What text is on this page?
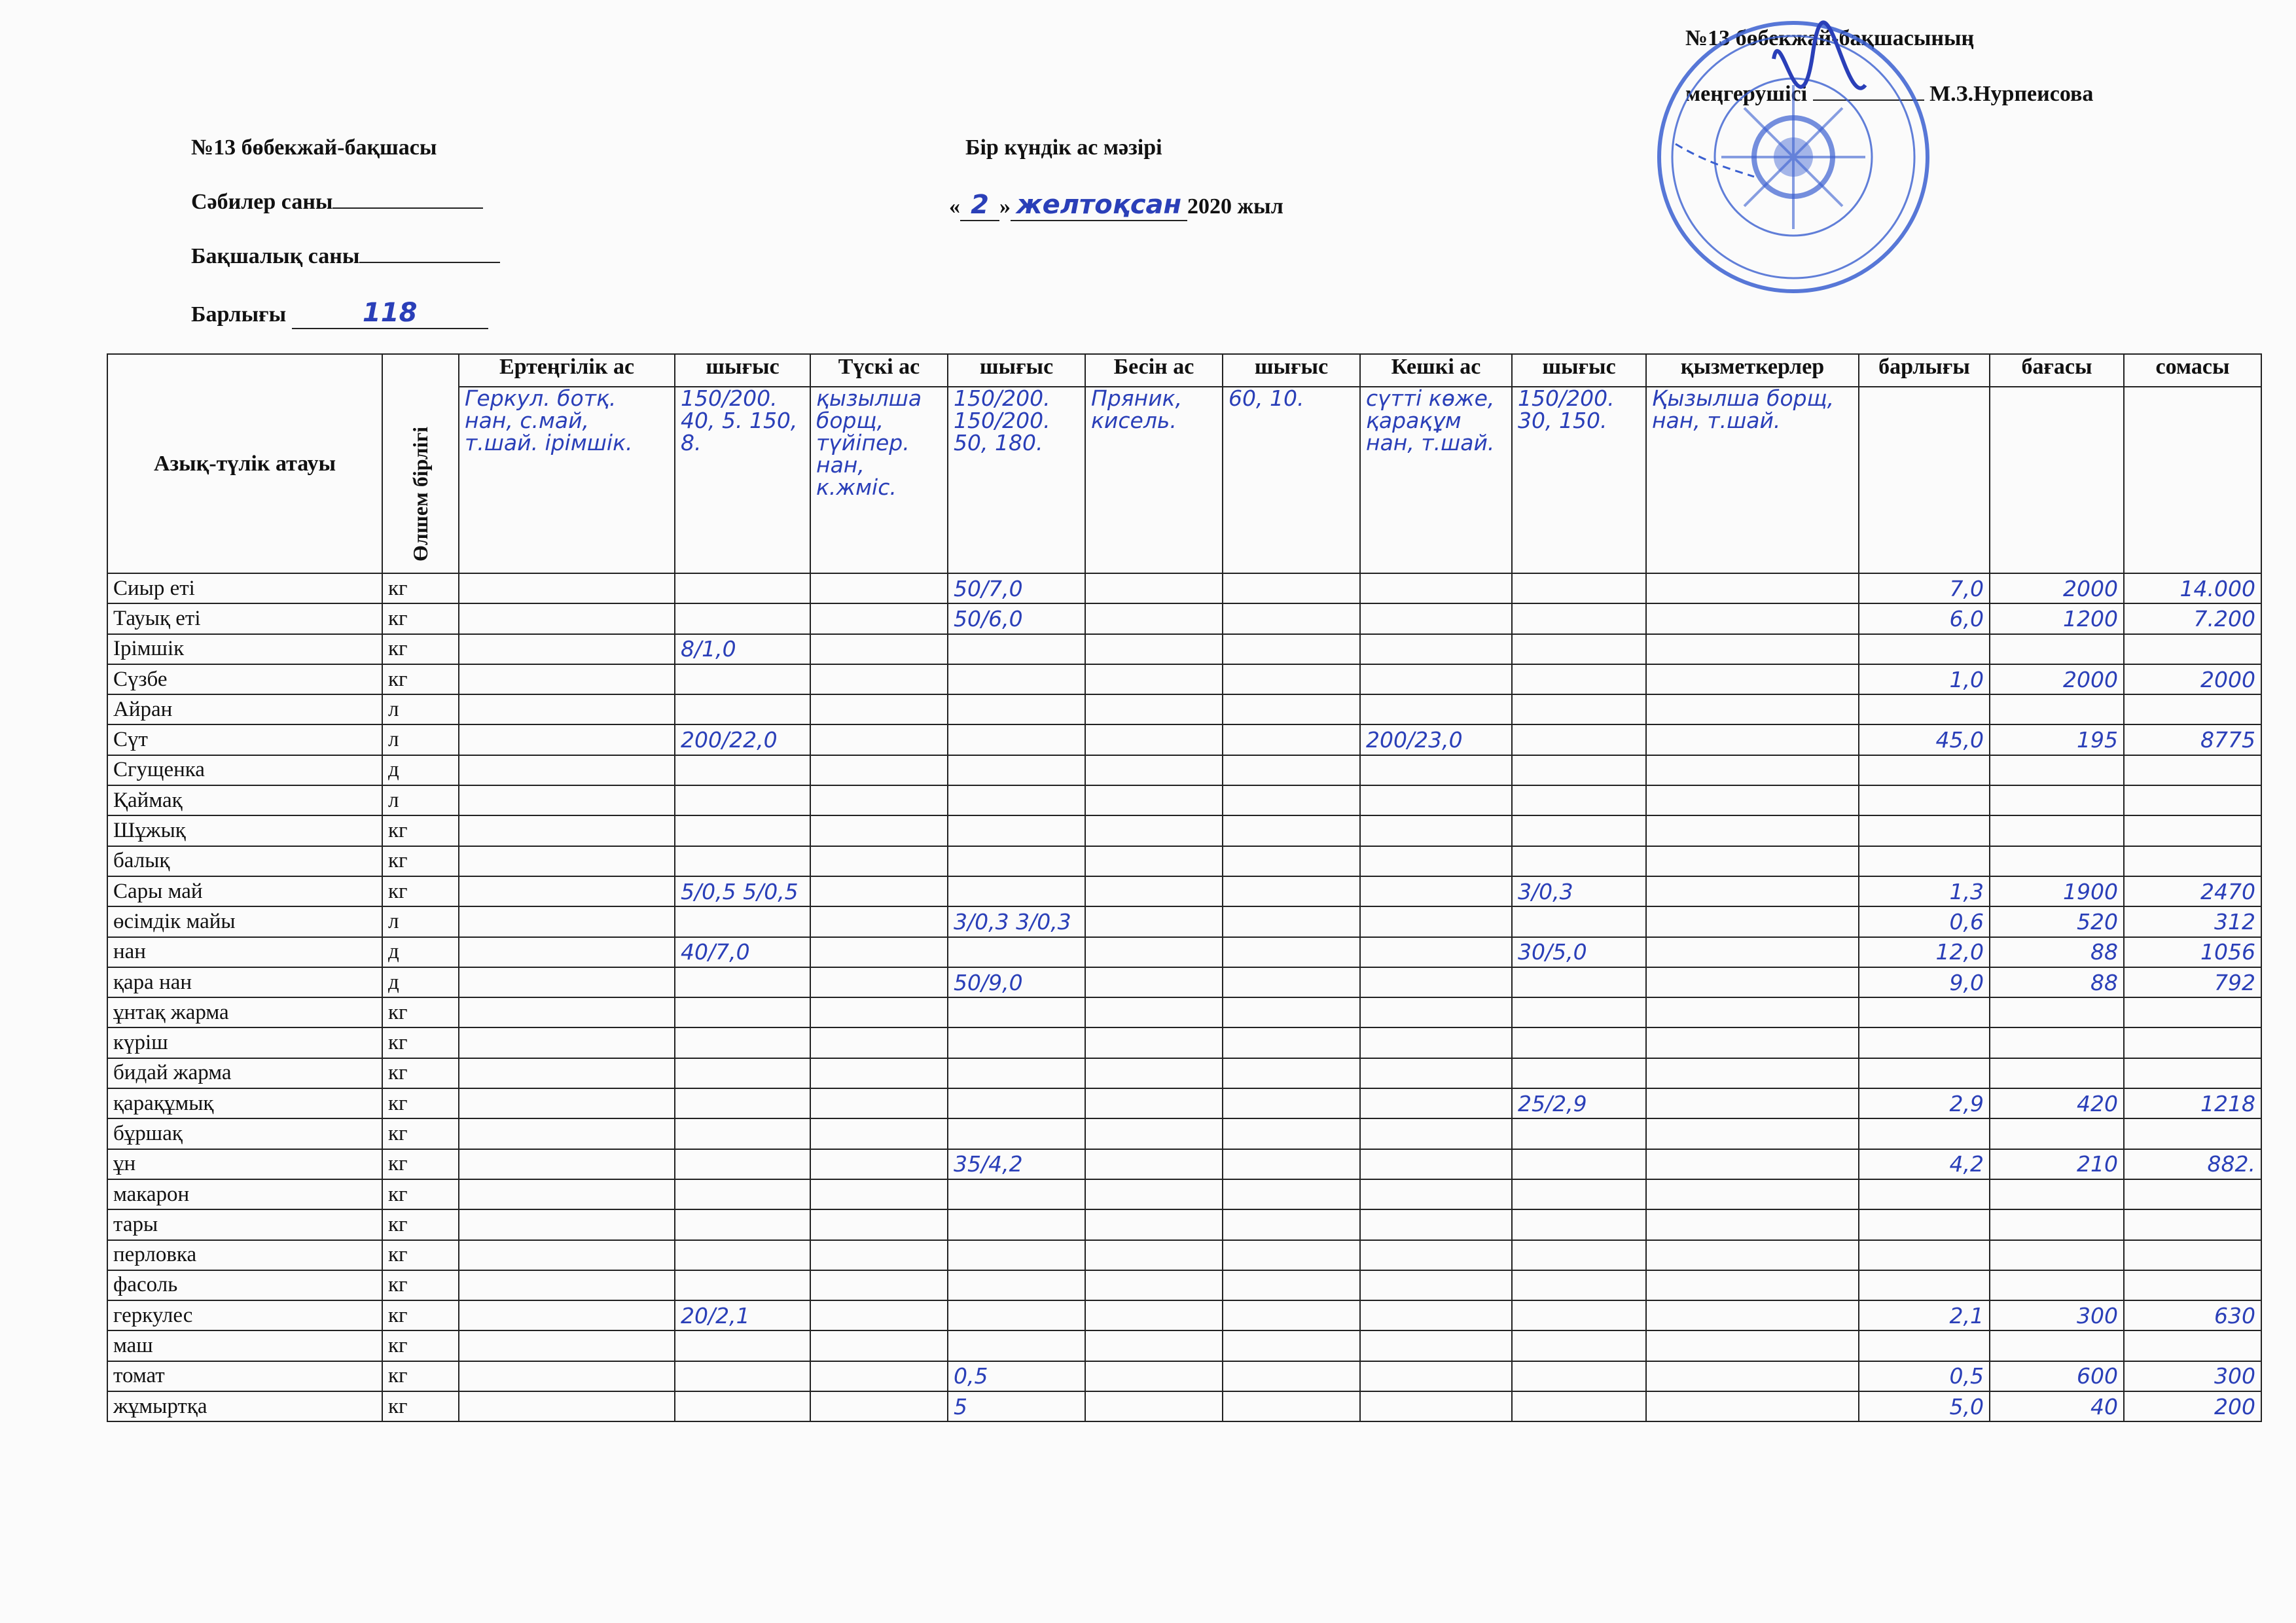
№13 бөбекжай-бақшасының
меңгерушісі	М.З.Нурпеисова
№13 бөбекжай-бақшасы
Сәбилер саны
Бақшалық саны
Барлығы	118
Бір күндік ас мәзірі
« 2 » желтоқсан 2020 жыл
Азық-түлік атауы	Өлшем бірлігі	Ертеңгілік ас	шығыс	Түскі ас	шығыс	Бесін ас	шығыс	Кешкі ас	шығыс	қызметкерлер	барлығы	бағасы	сомасы
		Геркул. ботқ. нан, с.май, т.шай. ірімшік.	150/200. 40, 5. 150, 8.	қызылша борщ, түйіпер. нан, к.жміс.	150/200. 150/200. 50, 180.	Пряник, кисель.	60, 10.	сүтті көже, қарақұм нан, т.шай.	150/200. 30, 150.	Қызылша борщ, нан, т.шай.			
Сиыр еті	кг				50/7,0						7,0	2000	14.000
Тауық еті	кг				50/6,0						6,0	1200	7.200
Ірімшік	кг		8/1,0										
Сүзбе	кг										1,0	2000	2000
Айран	л												
Сүт	л		200/22,0					200/23,0			45,0	195	8775
Сгущенка	д												
Қаймақ	л												
Шұжық	кг												
балық	кг												
Сары май	кг		5/0,5 5/0,5						3/0,3		1,3	1900	2470
өсімдік майы	л				3/0,3 3/0,3						0,6	520	312
нан	д		40/7,0						30/5,0		12,0	88	1056
қара нан	д				50/9,0						9,0	88	792
ұнтақ жарма	кг												
күріш	кг												
бидай жарма	кг												
қарақұмық	кг								25/2,9		2,9	420	1218
бұршақ	кг												
ұн	кг				35/4,2						4,2	210	882.
макарон	кг												
тары	кг												
перловка	кг												
фасоль	кг												
геркулес	кг		20/2,1								2,1	300	630
маш	кг												
томат	кг				0,5						0,5	600	300
жұмыртқа	кг				5						5,0	40	200
